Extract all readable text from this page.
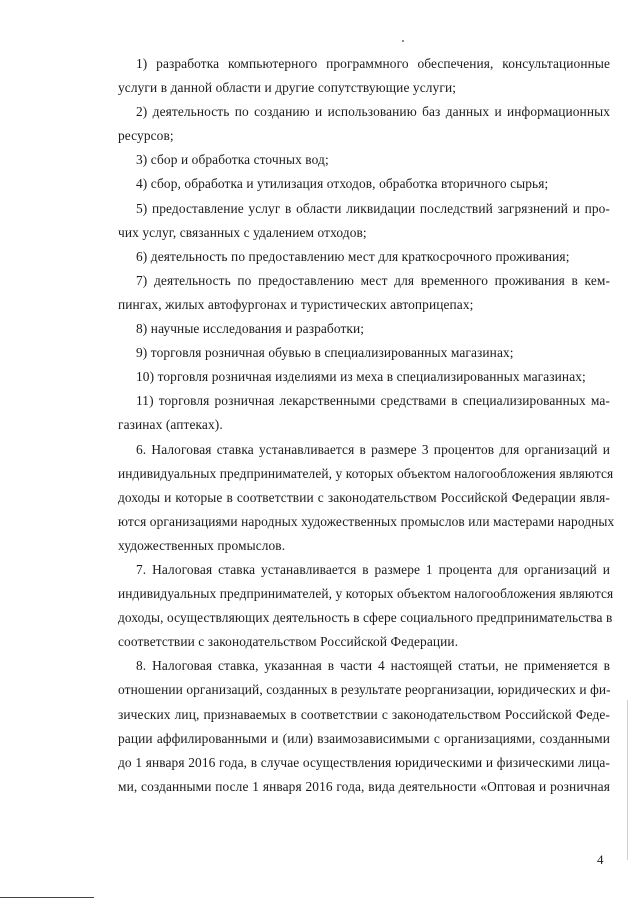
1) разработка компьютерного программного обеспечения, консультационные
услуги в данной области и другие сопутствующие услуги;
2) деятельность по созданию и использованию баз данных и информационных
ресурсов;
3) сбор и обработка сточных вод;
4) сбор, обработка и утилизация отходов, обработка вторичного сырья;
5) предоставление услуг в области ликвидации последствий загрязнений и про-
чих услуг, связанных с удалением отходов;
6) деятельность по предоставлению мест для краткосрочного проживания;
7) деятельность по предоставлению мест для временного проживания в кем-
пингах, жилых автофургонах и туристических автоприцепах;
8) научные исследования и разработки;
9) торговля розничная обувью в специализированных магазинах;
10) торговля розничная изделиями из меха в специализированных магазинах;
11) торговля розничная лекарственными средствами в специализированных ма-
газинах (аптеках).
6. Налоговая ставка устанавливается в размере 3 процентов для организаций и
индивидуальных предпринимателей, у которых объектом налогообложения являются
доходы и которые в соответствии с законодательством Российской Федерации явля-
ются организациями народных художественных промыслов или мастерами народных
художественных промыслов.
7. Налоговая ставка устанавливается в размере 1 процента для организаций и
индивидуальных предпринимателей, у которых объектом налогообложения являются
доходы, осуществляющих деятельность в сфере социального предпринимательства в
соответствии с законодательством Российской Федерации.
8. Налоговая ставка, указанная в части 4 настоящей статьи, не применяется в
отношении организаций, созданных в результате реорганизации, юридических и фи-
зических лиц, признаваемых в соответствии с законодательством Российской Феде-
рации аффилированными и (или) взаимозависимыми с организациями, созданными
до 1 января 2016 года, в случае осуществления юридическими и физическими лица-
ми, созданными после 1 января 2016 года, вида деятельности «Оптовая и розничная
4
